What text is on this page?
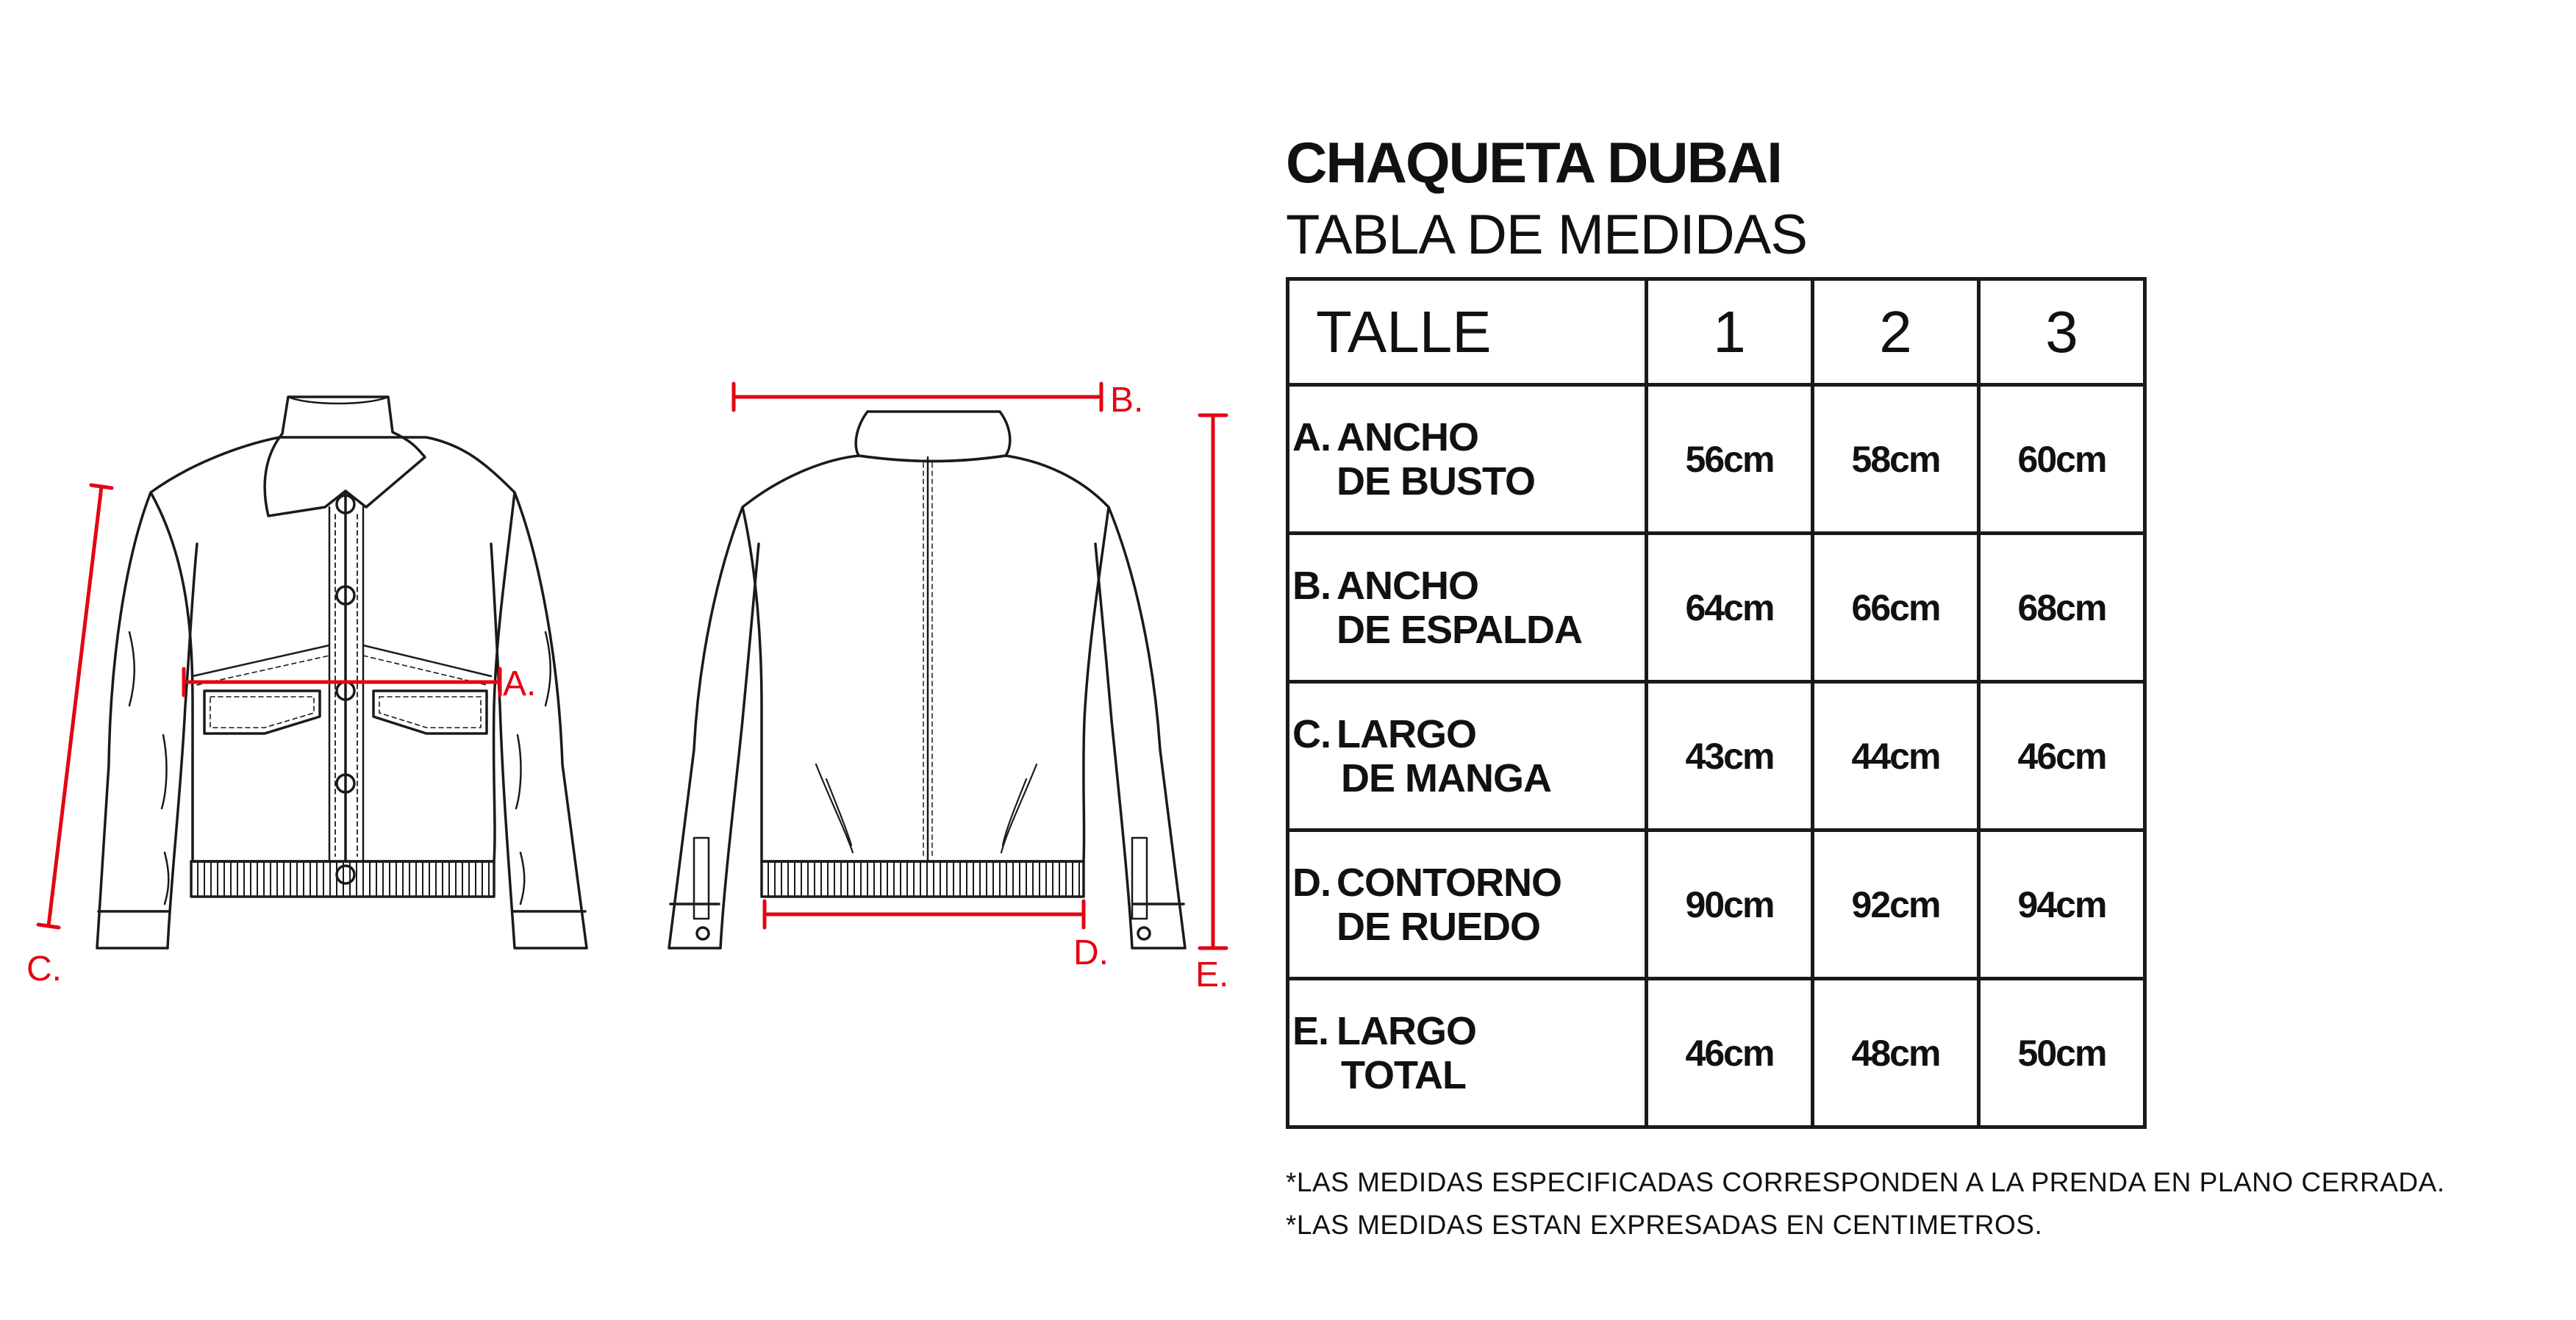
A.
B.
C.	D.
E.
CHAQUETA DUBAI
TABLA DE MEDIDAS
TALLE	1	2	3

A. ANCHO
DE BUSTO	56cm	58cm	60cm

B. ANCHO
DE ESPALDA	64cm	66cm	68cm

C. LARGO
DE MANGA	43cm	44cm	46cm

D. CONTORNO
DE RUEDO	90cm	92cm	94cm

E. LARGO
TOTAL	46cm	48cm	50cm
*LAS MEDIDAS ESPECIFICADAS CORRESPONDEN A LA PRENDA EN PLANO CERRADA.
*LAS MEDIDAS ESTAN EXPRESADAS EN CENTIMETROS.
